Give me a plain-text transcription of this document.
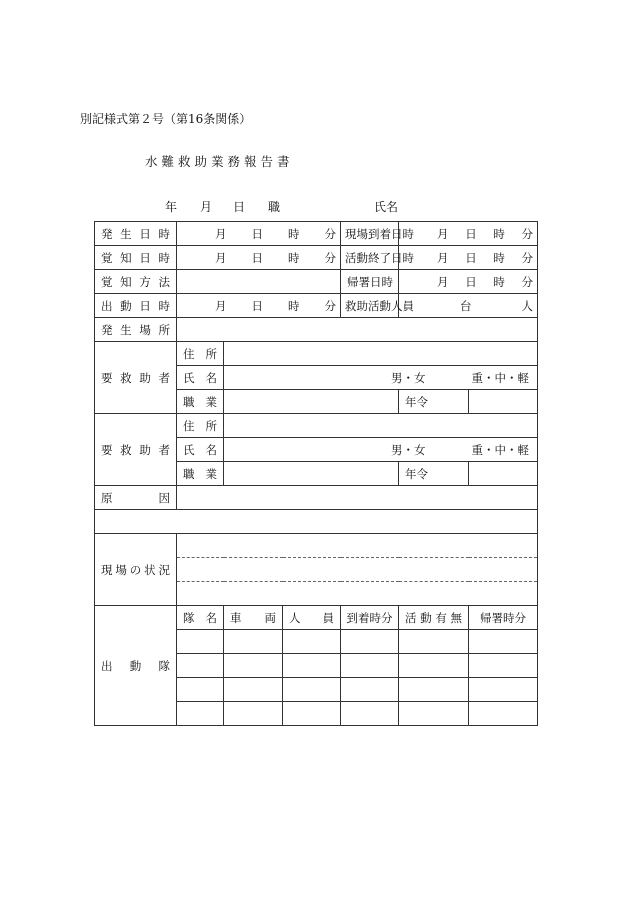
別記様式第２号（第16条関係）
水難救助業務報告書
年 月 日 職	氏名
発生日時	月 日 時 分			現場到着日時	月 日 時 分	

覚知日時	月 日 時 分			活動終了日時	月 日 時 分	

覚知方法				帰署日時	月 日 時 分	

出動日時	月 日 時 分			救助活動人員	台 人	

発生場所						
要救助者	住所					
	氏名	男・女 重・中・軽				

	職業				年令	
要救助者	住所					
	氏名	男・女 重・中・軽				

	職業				年令	
原因						

現場の状況						

出動隊	隊名	車両	人員	到着時分	活動有無	帰署時分
